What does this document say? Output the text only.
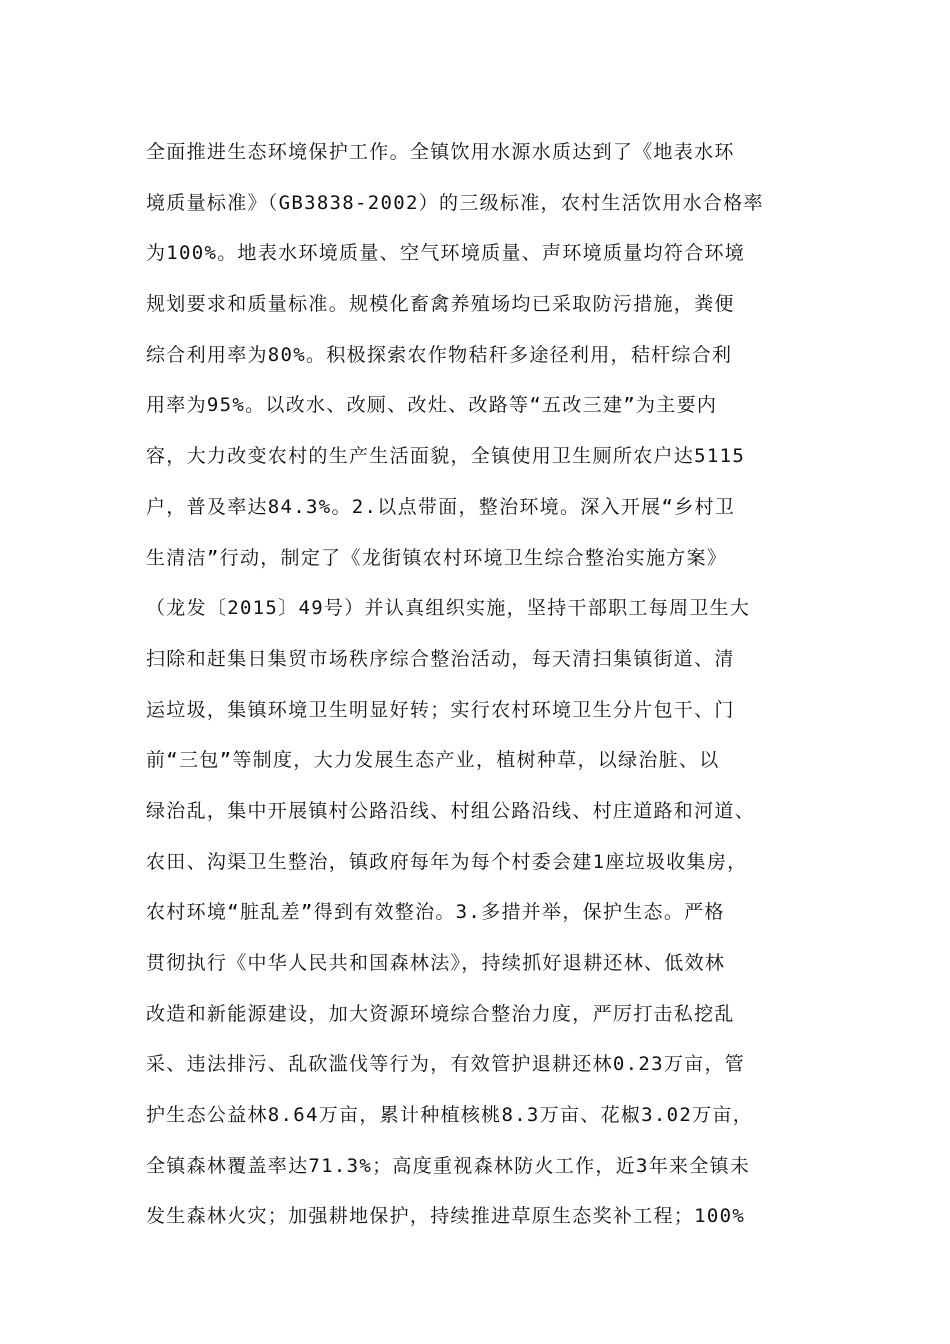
全面推进生态环境保护工作。全镇饮用水源水质达到了《地表水环
境质量标准》（GB3838-2002）的三级标准，农村生活饮用水合格率
为100%。地表水环境质量、空气环境质量、声环境质量均符合环境
规划要求和质量标准。规模化畜禽养殖场均已采取防污措施，粪便
综合利用率为80%。积极探索农作物秸秆多途径利用，秸杆综合利
用率为95%。以改水、改厕、改灶、改路等“五改三建”为主要内
容，大力改变农村的生产生活面貌，全镇使用卫生厕所农户达5115
户，普及率达84.3%。2.以点带面，整治环境。深入开展“乡村卫
生清洁”行动，制定了《龙街镇农村环境卫生综合整治实施方案》
（龙发〔2015〕49号）并认真组织实施，坚持干部职工每周卫生大
扫除和赶集日集贸市场秩序综合整治活动，每天清扫集镇街道、清
运垃圾，集镇环境卫生明显好转；实行农村环境卫生分片包干、门
前“三包”等制度，大力发展生态产业，植树种草，以绿治脏、以
绿治乱，集中开展镇村公路沿线、村组公路沿线、村庄道路和河道、
农田、沟渠卫生整治，镇政府每年为每个村委会建1座垃圾收集房，
农村环境“脏乱差”得到有效整治。3.多措并举，保护生态。严格
贯彻执行《中华人民共和国森林法》，持续抓好退耕还林、低效林
改造和新能源建设，加大资源环境综合整治力度，严厉打击私挖乱
采、违法排污、乱砍滥伐等行为，有效管护退耕还林0.23万亩，管
护生态公益林8.64万亩，累计种植核桃8.3万亩、花椒3.02万亩，
全镇森林覆盖率达71.3%；高度重视森林防火工作，近3年来全镇未
发生森林火灾；加强耕地保护，持续推进草原生态奖补工程；100%
